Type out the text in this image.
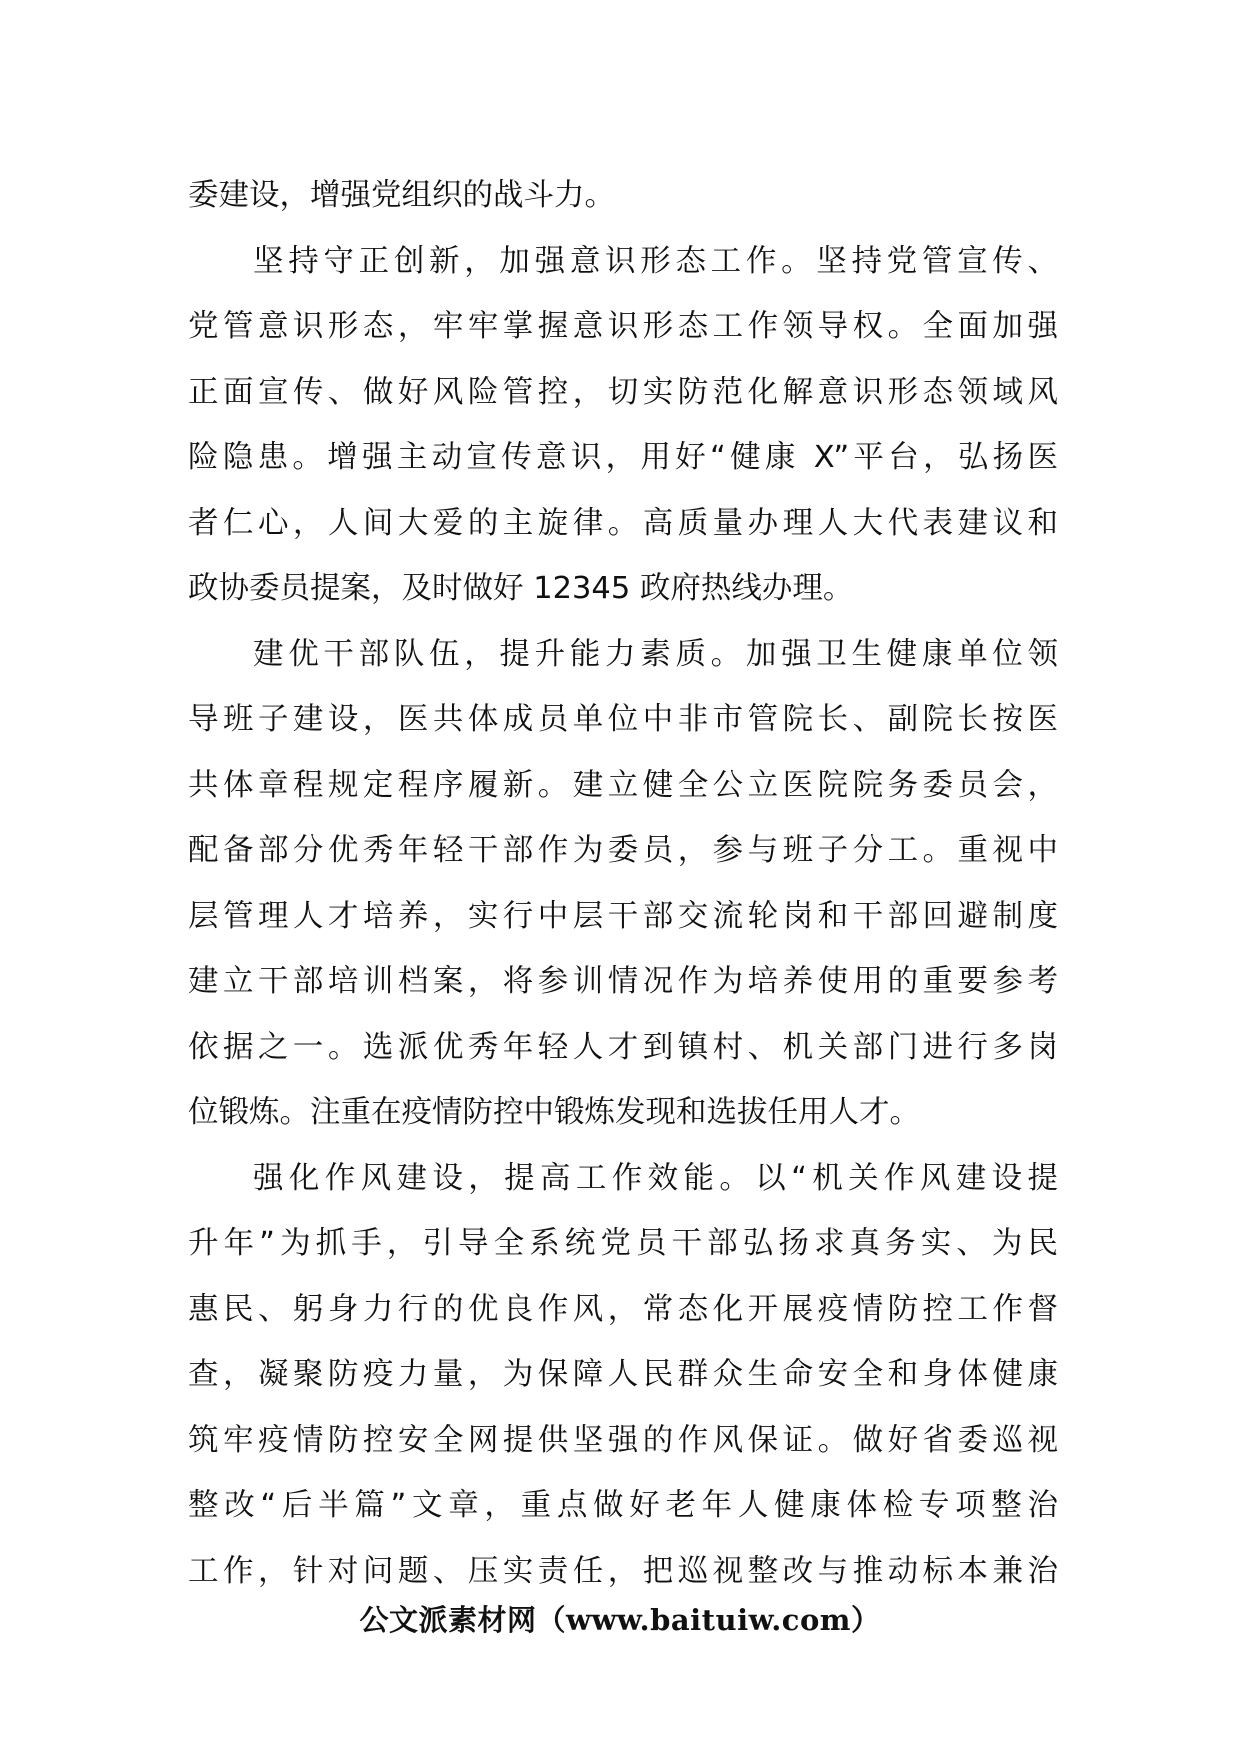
委建设，增强党组织的战斗力。
坚持守正创新，加强意识形态工作。坚持党管宣传、
党管意识形态，牢牢掌握意识形态工作领导权。全面加强
正面宣传、做好风险管控，切实防范化解意识形态领域风
险隐患。增强主动宣传意识，用好“健康 X”平台，弘扬医
者仁心，人间大爱的主旋律。高质量办理人大代表建议和
政协委员提案，及时做好 12345 政府热线办理。
建优干部队伍，提升能力素质。加强卫生健康单位领
导班子建设，医共体成员单位中非市管院长、副院长按医
共体章程规定程序履新。建立健全公立医院院务委员会，
配备部分优秀年轻干部作为委员，参与班子分工。重视中
层管理人才培养，实行中层干部交流轮岗和干部回避制度
建立干部培训档案，将参训情况作为培养使用的重要参考
依据之一。选派优秀年轻人才到镇村、机关部门进行多岗
位锻炼。注重在疫情防控中锻炼发现和选拔任用人才。
强化作风建设，提高工作效能。以“机关作风建设提
升年”为抓手，引导全系统党员干部弘扬求真务实、为民
惠民、躬身力行的优良作风，常态化开展疫情防控工作督
查，凝聚防疫力量，为保障人民群众生命安全和身体健康
筑牢疫情防控安全网提供坚强的作风保证。做好省委巡视
整改“后半篇”文章，重点做好老年人健康体检专项整治
工作，针对问题、压实责任，把巡视整改与推动标本兼治
公文派素材网（www.baituiw.com）
